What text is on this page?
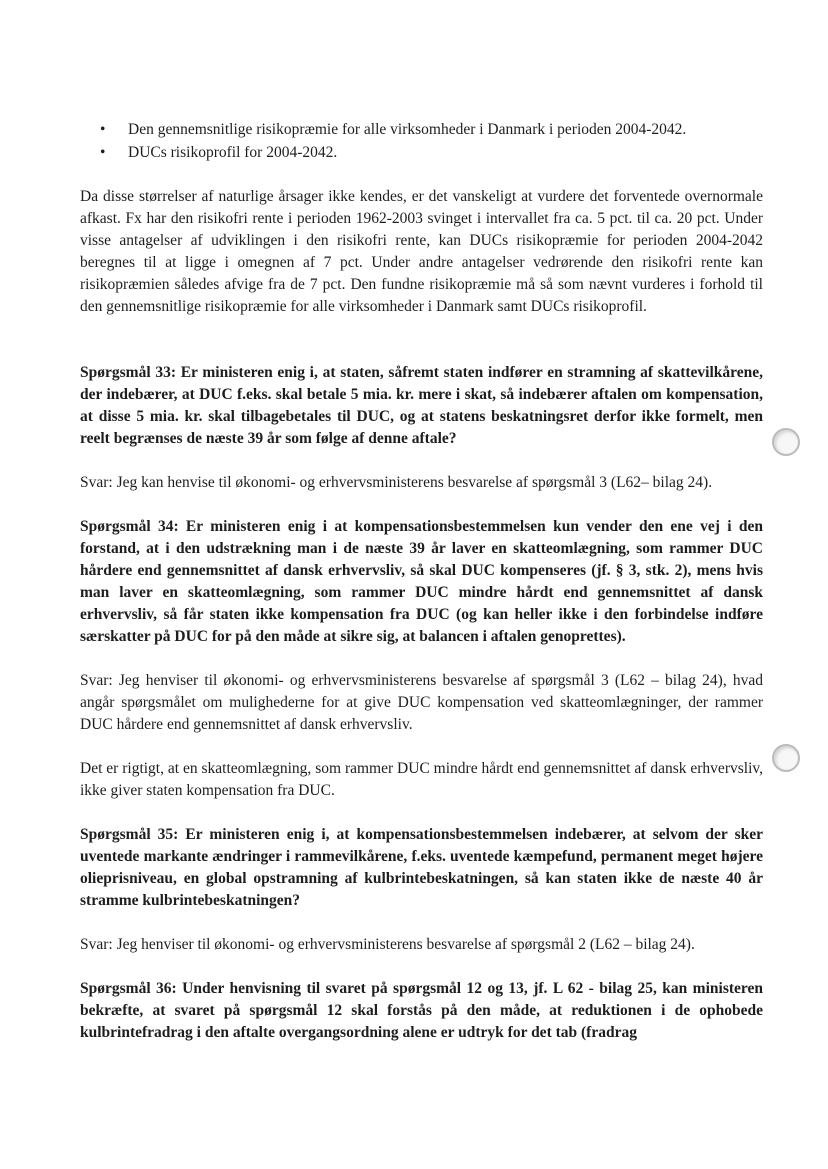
• Den gennemsnitlige risikopræmie for alle virksomheder i Danmark i perioden 2004-2042.
• DUCs risikoprofil for 2004-2042.

Da disse størrelser af naturlige årsager ikke kendes, er det vanskeligt at vurdere det forventede overnormale afkast. Fx har den risikofri rente i perioden 1962-2003 svinget i intervallet fra ca. 5 pct. til ca. 20 pct. Under visse antagelser af udviklingen i den risikofri rente, kan DUCs risikopræmie for perioden 2004-2042 beregnes til at ligge i omegnen af 7 pct. Under andre antagelser vedrørende den risikofri rente kan risikopræmien således afvige fra de 7 pct. Den fundne risikopræmie må så som nævnt vurderes i forhold til den gennemsnitlige risikopræmie for alle virksomheder i Danmark samt DUCs risikoprofil.

Spørgsmål 33: Er ministeren enig i, at staten, såfremt staten indfører en stramning af skattevilkårene, der indebærer, at DUC f.eks. skal betale 5 mia. kr. mere i skat, så indebærer aftalen om kompensation, at disse 5 mia. kr. skal tilbagebetales til DUC, og at statens beskatningsret derfor ikke formelt, men reelt begrænses de næste 39 år som følge af denne aftale?

Svar: Jeg kan henvise til økonomi- og erhvervsministerens besvarelse af spørgsmål 3 (L62– bilag 24).

Spørgsmål 34: Er ministeren enig i at kompensationsbestemmelsen kun vender den ene vej i den forstand, at i den udstrækning man i de næste 39 år laver en skatteomlægning, som rammer DUC hårdere end gennemsnittet af dansk erhvervsliv, så skal DUC kompenseres (jf. § 3, stk. 2), mens hvis man laver en skatteomlægning, som rammer DUC mindre hårdt end gennemsnittet af dansk erhvervsliv, så får staten ikke kompensation fra DUC (og kan heller ikke i den forbindelse indføre særskatter på DUC for på den måde at sikre sig, at balancen i aftalen genoprettes).

Svar: Jeg henviser til økonomi- og erhvervsministerens besvarelse af spørgsmål 3 (L62 – bilag 24), hvad angår spørgsmålet om mulighederne for at give DUC kompensation ved skatteomlægninger, der rammer DUC hårdere end gennemsnittet af dansk erhvervsliv.

Det er rigtigt, at en skatteomlægning, som rammer DUC mindre hårdt end gennemsnittet af dansk erhvervsliv, ikke giver staten kompensation fra DUC.

Spørgsmål 35: Er ministeren enig i, at kompensationsbestemmelsen indebærer, at selvom der sker uventede markante ændringer i rammevilkårene, f.eks. uventede kæmpefund, permanent meget højere olieprisniveau, en global opstramning af kulbrintebeskatningen, så kan staten ikke de næste 40 år stramme kulbrintebeskatningen?

Svar: Jeg henviser til økonomi- og erhvervsministerens besvarelse af spørgsmål 2 (L62 – bilag 24).

Spørgsmål 36: Under henvisning til svaret på spørgsmål 12 og 13, jf. L 62 - bilag 25, kan ministeren bekræfte, at svaret på spørgsmål 12 skal forstås på den måde, at reduktionen i de ophobede kulbrintefradrag i den aftalte overgangsordning alene er udtryk for det tab (fradrag
